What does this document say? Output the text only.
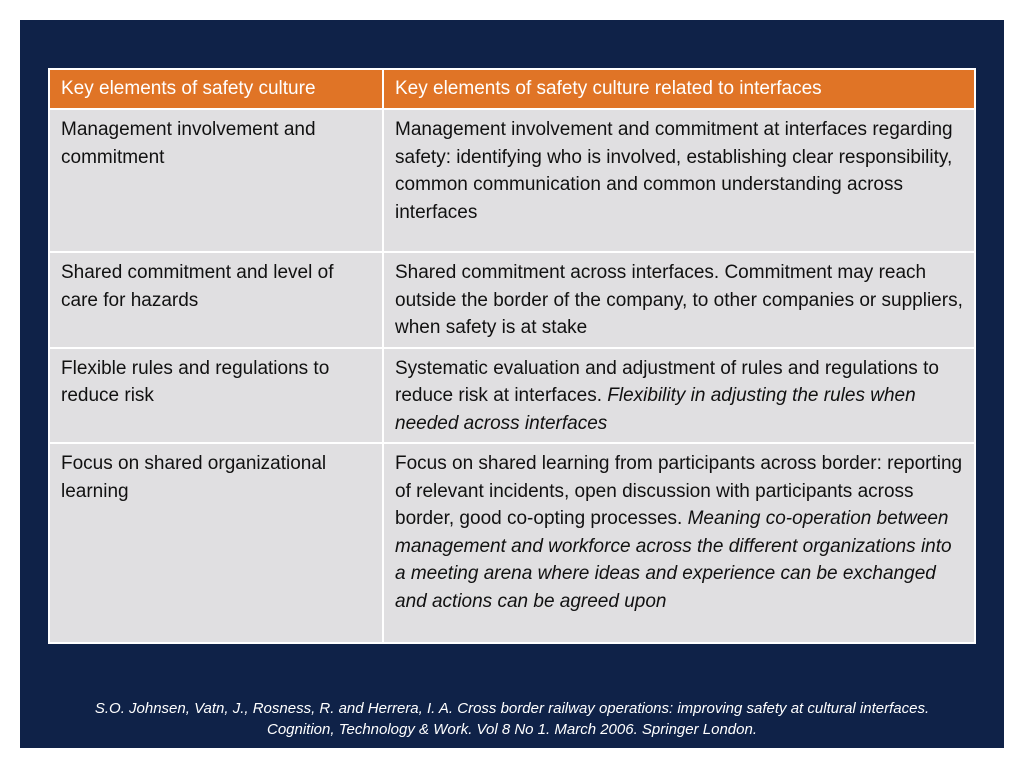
Key elements of safety culture	Key elements of safety culture related to interfaces
Management involvement and commitment	Management involvement and commitment at interfaces regarding safety: identifying who is involved, establishing clear responsibility, common communication and common understanding across interfaces
Shared commitment and level of care for hazards	Shared commitment across interfaces. Commitment may reach outside the border of the company, to other companies or suppliers, when safety is at stake
Flexible rules and regulations to reduce risk	Systematic evaluation and adjustment of rules and regulations to reduce risk at interfaces. Flexibility in adjusting the rules when needed across interfaces
Focus on shared organizational learning	Focus on shared learning from participants across border: reporting of relevant incidents, open discussion with participants across border, good co-opting processes. Meaning co-operation between management and workforce across the different organizations into a meeting arena where ideas and experience can be exchanged and actions can be agreed upon
S.O. Johnsen, Vatn, J., Rosness, R. and Herrera, I. A. Cross border railway operations: improving safety at cultural interfaces. Cognition, Technology & Work. Vol 8 No 1. March 2006. Springer London.
